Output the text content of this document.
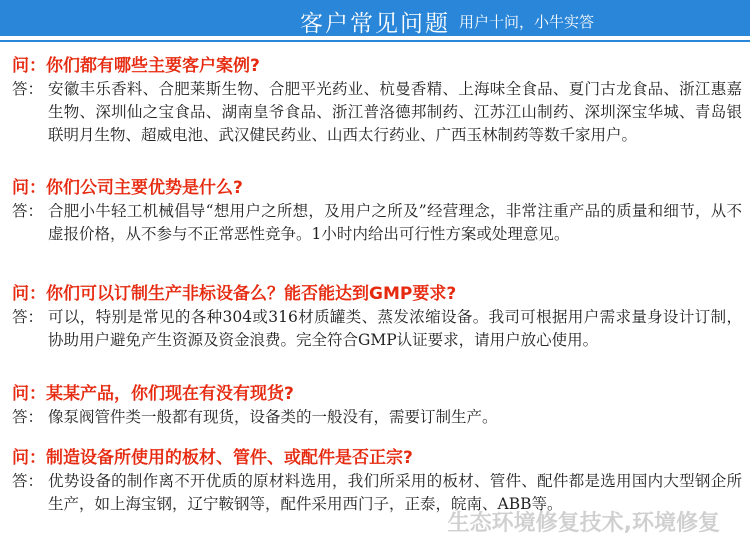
客户常见问题 用户十问，小牛实答
问：你们都有哪些主要客户案例?
答： 安徽丰乐香料、合肥莱斯生物、合肥平光药业、杭曼香精、上海味全食品、夏门古龙食品、浙江惠嘉生物、深圳仙之宝食品、湖南皇爷食品、浙江普洛德邦制药、江苏江山制药、深圳深宝华城、青岛银联明月生物、超威电池、武汉健民药业、山西太行药业、广西玉林制药等数千家用户。
问：你们公司主要优势是什么?
答： 合肥小牛轻工机械倡导“想用户之所想，及用户之所及”经营理念，非常注重产品的质量和细节，从不虚报价格，从不参与不正常恶性竞争。1小时内给出可行性方案或处理意见。
问：你们可以订制生产非标设备么？能否能达到GMP要求?
答： 可以，特别是常见的各种304或316材质罐类、蒸发浓缩设备。我司可根据用户需求量身设计订制，协助用户避免产生资源及资金浪费。完全符合GMP认证要求，请用户放心使用。
问：某某产品，你们现在有没有现货?
答： 像泵阀管件类一般都有现货，设备类的一般没有，需要订制生产。
问：制造设备所使用的板材、管件、或配件是否正宗?
答： 优势设备的制作离不开优质的原材料选用，我们所采用的板材、管件、配件都是选用国内大型钢企所生产，如上海宝钢，辽宁鞍钢等，配件采用西门子，正泰，皖南、ABB等。
生态环境修复技术,环境修复
